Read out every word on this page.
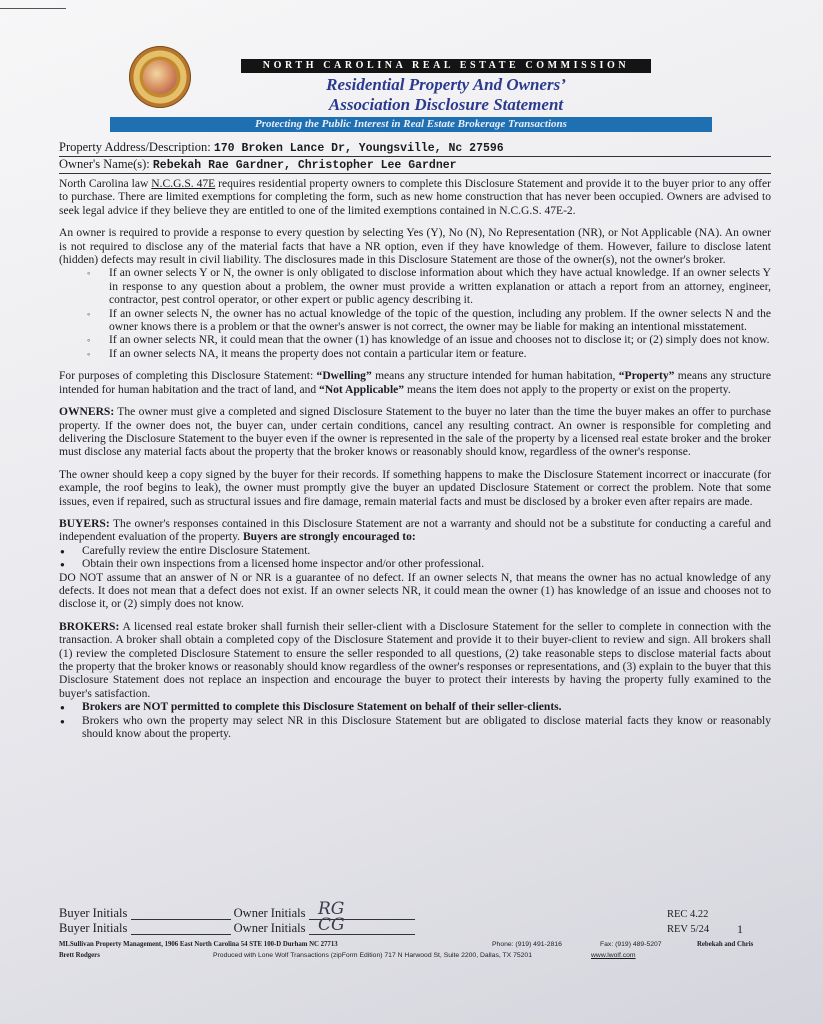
NORTH CAROLINA REAL ESTATE COMMISSION
Residential Property And Owners’
Association Disclosure Statement
Protecting the Public Interest in Real Estate Brokerage Transactions
Property Address/Description: 170 Broken Lance Dr, Youngsville, Nc 27596
Owner's Name(s): Rebekah Rae Gardner, Christopher Lee Gardner

North Carolina law N.C.G.S. 47E requires residential property owners to complete this Disclosure Statement and provide it to the buyer prior to any offer to purchase. There are limited exemptions for completing the form, such as new home construction that has never been occupied. Owners are advised to seek legal advice if they believe they are entitled to one of the limited exemptions contained in N.C.G.S. 47E-2.

An owner is required to provide a response to every question by selecting Yes (Y), No (N), No Representation (NR), or Not Applicable (NA). An owner is not required to disclose any of the material facts that have a NR option, even if they have knowledge of them. However, failure to disclose latent (hidden) defects may result in civil liability. The disclosures made in this Disclosure Statement are those of the owner(s), not the owner's broker.

◦ If an owner selects Y or N, the owner is only obligated to disclose information about which they have actual knowledge. If an owner selects Y in response to any question about a problem, the owner must provide a written explanation or attach a report from an attorney, engineer, contractor, pest control operator, or other expert or public agency describing it.
◦ If an owner selects N, the owner has no actual knowledge of the topic of the question, including any problem. If the owner selects N and the owner knows there is a problem or that the owner's answer is not correct, the owner may be liable for making an intentional misstatement.
◦ If an owner selects NR, it could mean that the owner (1) has knowledge of an issue and chooses not to disclose it; or (2) simply does not know.
◦ If an owner selects NA, it means the property does not contain a particular item or feature.

For purposes of completing this Disclosure Statement: “Dwelling” means any structure intended for human habitation, “Property” means any structure intended for human habitation and the tract of land, and “Not Applicable” means the item does not apply to the property or exist on the property.

OWNERS: The owner must give a completed and signed Disclosure Statement to the buyer no later than the time the buyer makes an offer to purchase property. If the owner does not, the buyer can, under certain conditions, cancel any resulting contract. An owner is responsible for completing and delivering the Disclosure Statement to the buyer even if the owner is represented in the sale of the property by a licensed real estate broker and the broker must disclose any material facts about the property that the broker knows or reasonably should know, regardless of the owner's response.

The owner should keep a copy signed by the buyer for their records. If something happens to make the Disclosure Statement incorrect or inaccurate (for example, the roof begins to leak), the owner must promptly give the buyer an updated Disclosure Statement or correct the problem. Note that some issues, even if repaired, such as structural issues and fire damage, remain material facts and must be disclosed by a broker even after repairs are made.

BUYERS: The owner's responses contained in this Disclosure Statement are not a warranty and should not be a substitute for conducting a careful and independent evaluation of the property. Buyers are strongly encouraged to:

● Carefully review the entire Disclosure Statement.
● Obtain their own inspections from a licensed home inspector and/or other professional.

DO NOT assume that an answer of N or NR is a guarantee of no defect. If an owner selects N, that means the owner has no actual knowledge of any defects. It does not mean that a defect does not exist. If an owner selects NR, it could mean the owner (1) has knowledge of an issue and chooses not to disclose it, or (2) simply does not know.

BROKERS: A licensed real estate broker shall furnish their seller-client with a Disclosure Statement for the seller to complete in connection with the transaction. A broker shall obtain a completed copy of the Disclosure Statement and provide it to their buyer-client to review and sign. All brokers shall (1) review the completed Disclosure Statement to ensure the seller responded to all questions, (2) take reasonable steps to disclose material facts about the property that the broker knows or reasonably should know regardless of the owner's responses or representations, and (3) explain to the buyer that this Disclosure Statement does not replace an inspection and encourage the buyer to protect their interests by having the property fully examined to the buyer's satisfaction.

● Brokers are NOT permitted to complete this Disclosure Statement on behalf of their seller-clients.
● Brokers who own the property may select NR in this Disclosure Statement but are obligated to disclose material facts they know or reasonably should know about the property.
Buyer Initials	Owner Initials
Buyer Initials	Owner Initials
RG
CG
REC 4.22
REV 5/24 1
MLSullivan Property Management, 1906 East North Carolina 54 STE 100-D Durham NC 27713	Phone: (919) 491-2816	Fax: (919) 489-5207	Rebekah and Chris
Brett Rodgers	Produced with Lone Wolf Transactions (zipForm Edition) 717 N Harwood St, Suite 2200, Dallas, TX 75201	www.lwolf.com
